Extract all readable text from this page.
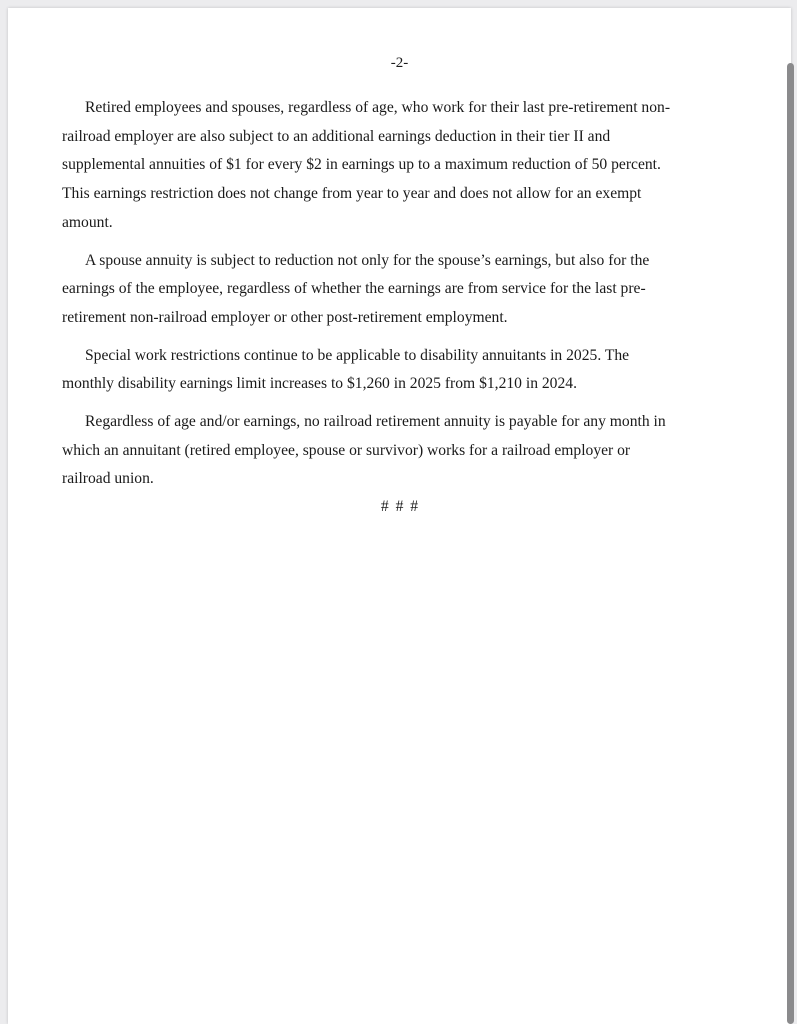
-2-

Retired employees and spouses, regardless of age, who work for their last pre-retirement non-
railroad employer are also subject to an additional earnings deduction in their tier II and
supplemental annuities of $1 for every $2 in earnings up to a maximum reduction of 50 percent.
This earnings restriction does not change from year to year and does not allow for an exempt
amount.

A spouse annuity is subject to reduction not only for the spouse’s earnings, but also for the
earnings of the employee, regardless of whether the earnings are from service for the last pre-
retirement non-railroad employer or other post-retirement employment.

Special work restrictions continue to be applicable to disability annuitants in 2025. The
monthly disability earnings limit increases to $1,260 in 2025 from $1,210 in 2024.

Regardless of age and/or earnings, no railroad retirement annuity is payable for any month in
which an annuitant (retired employee, spouse or survivor) works for a railroad employer or
railroad union.

# # #
